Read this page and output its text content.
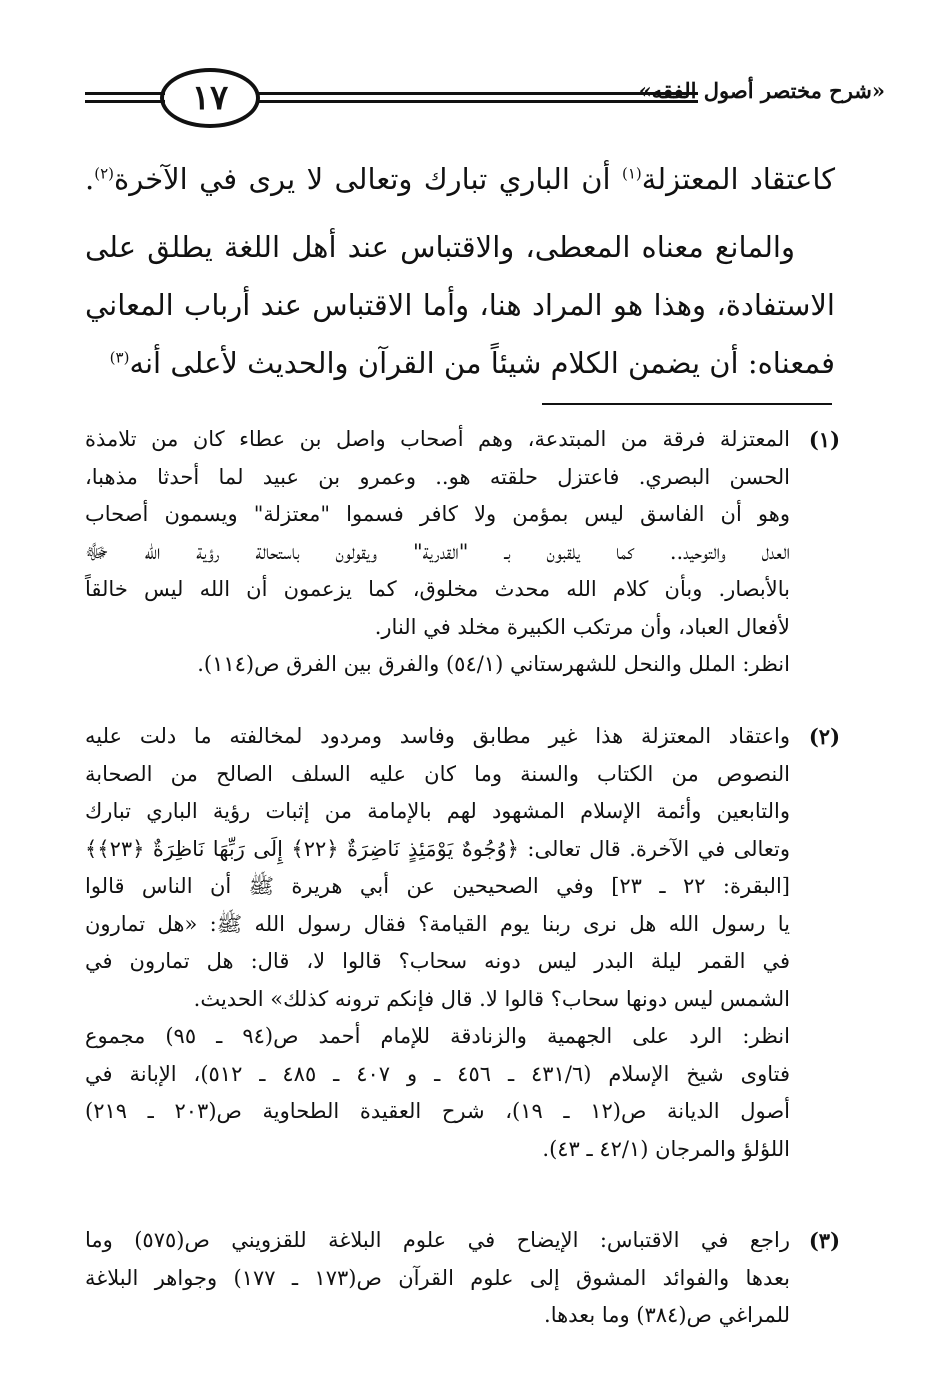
١٧	«شرح مختصر أصول الفقه»
كاعتقاد المعتزلة$^{(١)}$ أن الباري تبارك وتعالى لا يرى في الآخرة$^{(٢)}$.
والمانع معناه المعطى، والاقتباس عند أهل اللغة يطلق على
الاستفادة، وهذا هو المراد هنا، وأما الاقتباس عند أرباب المعاني
فمعناه: أن يضمن الكلام شيئاً من القرآن والحديث لأعلى أنه$^{(٣)}$
(١)
المعتزلة فرقة من المبتدعة، وهم أصحاب واصل بن عطاء كان من تلامذة
الحسن البصري. فاعتزل حلقته هو.. وعمرو بن عبيد لما أحدثا مذهبا،
وهو أن الفاسق ليس بمؤمن ولا كافر فسموا "معتزلة" ويسمون أصحاب
العدل والتوحيد.. كما يلقبون بـ "القدرية" ويقولون باستحالة رؤية الله ﷻ
بالأبصار. وبأن كلام الله محدث مخلوق، كما يزعمون أن الله ليس خالقاً
لأفعال العباد، وأن مرتكب الكبيرة مخلد في النار.
انظر: الملل والنحل للشهرستاني (٥٤/١) والفرق بين الفرق ص(١١٤).
(٢)
واعتقاد المعتزلة هذا غير مطابق وفاسد ومردود لمخالفته ما دلت عليه
النصوص من الكتاب والسنة وما كان عليه السلف الصالح من الصحابة
والتابعين وأئمة الإسلام المشهود لهم بالإمامة من إثبات رؤية الباري تبارك
وتعالى في الآخرة. قال تعالى: ﴿وُجُوهٌ يَوْمَئِذٍ نَاضِرَةٌ ﴿٢٢﴾ إِلَى رَبِّهَا نَاظِرَةٌ ﴿٢٣﴾﴾
[البقرة: ٢٢ ـ ٢٣] وفي الصحيحين عن أبي هريرة ﷺ أن الناس قالوا
يا رسول الله هل نرى ربنا يوم القيامة؟ فقال رسول الله ﷺ: «هل تمارون
في القمر ليلة البدر ليس دونه سحاب؟ قالوا لا، قال: هل تمارون في
الشمس ليس دونها سحاب؟ قالوا لا. قال فإنكم ترونه كذلك» الحديث.
انظر: الرد على الجهمية والزنادقة للإمام أحمد ص(٩٤ ـ ٩٥) مجموع
فتاوى شيخ الإسلام (٤٣١/٦ ـ ٤٥٦ ـ و ٤٠٧ ـ ٤٨٥ ـ ٥١٢)، الإبانة في
أصول الديانة ص(١٢ ـ ١٩)، شرح العقيدة الطحاوية ص(٢٠٣ ـ ٢١٩)
اللؤلؤ والمرجان (٤٢/١ ـ ٤٣).
(٣)
راجع في الاقتباس: الإيضاح في علوم البلاغة للقزويني ص(٥٧٥) وما
بعدها والفوائد المشوق إلى علوم القرآن ص(١٧٣ ـ ١٧٧) وجواهر البلاغة
للمراغي ص(٣٨٤) وما بعدها.
